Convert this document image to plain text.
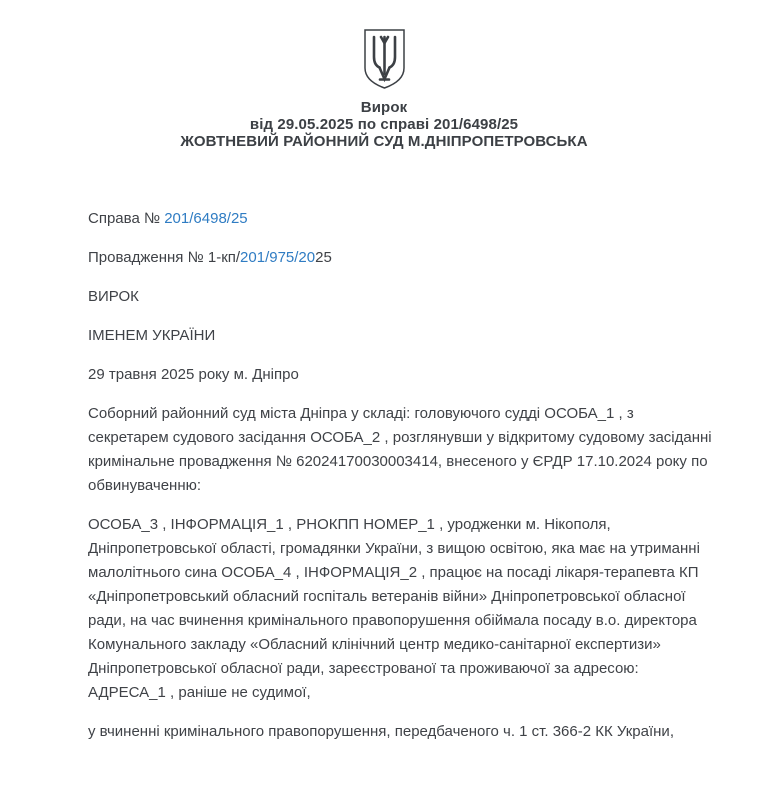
Вирок
від 29.05.2025 по справі 201/6498/25
ЖОВТНЕВИЙ РАЙОННИЙ СУД М.ДНІПРОПЕТРОВСЬКА

Справа № 201/6498/25

Провадження № 1-кп/201/975/2025

ВИРОК

ІМЕНЕМ УКРАЇНИ

29 травня 2025 року м. Дніпро

Соборний районний суд міста Дніпра у складі: головуючого судді ОСОБА_1 , з секретарем судового засідання ОСОБА_2 , розглянувши у відкритому судовому засіданні кримінальне провадження № 62024170030003414, внесеного у ЄРДР 17.10.2024 року по обвинуваченню:

ОСОБА_3 , ІНФОРМАЦІЯ_1 , РНОКПП НОМЕР_1 , уродженки м. Нікополя, Дніпропетровської області, громадянки України, з вищою освітою, яка має на утриманні малолітнього сина ОСОБА_4 , ІНФОРМАЦІЯ_2 , працює на посаді лікаря-терапевта КП «Дніпропетровський обласний госпіталь ветеранів війни» Дніпропетровської обласної ради, на час вчинення кримінального правопорушення обіймала посаду в.о. директора Комунального закладу «Обласний клінічний центр медико-санітарної експертизи» Дніпропетровської обласної ради, зареєстрованої та проживаючої за адресою: АДРЕСА_1 , раніше не судимої,

у вчиненні кримінального правопорушення, передбаченого ч. 1 ст. 366-2 КК України,
